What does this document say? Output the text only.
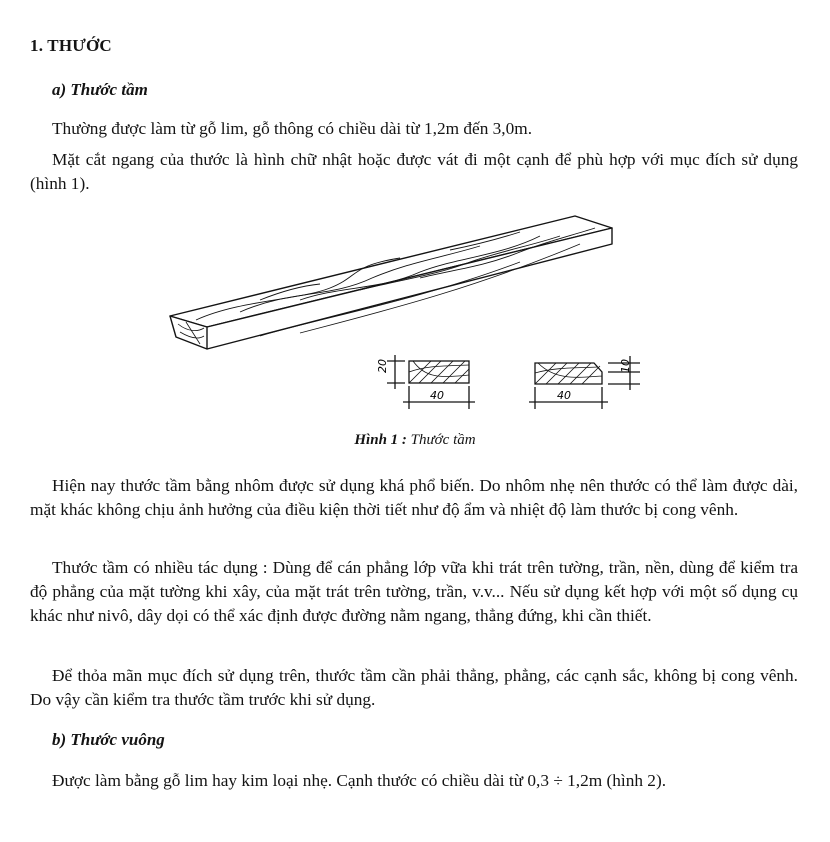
1. THƯỚC
a) Thước tầm
Thường được làm từ gỗ lim, gỗ thông có chiều dài từ 1,2m đến 3,0m.
Mặt cắt ngang của thước là hình chữ nhật hoặc được vát đi một cạnh để phù hợp với mục đích sử dụng (hình 1).
20
40
10
40
Hình 1 : Thước tầm
Hiện nay thước tầm bằng nhôm được sử dụng khá phổ biến. Do nhôm nhẹ nên thước có thể làm được dài, mặt khác không chịu ảnh hưởng của điều kiện thời tiết như độ ẩm và nhiệt độ làm thước bị cong vênh.
Thước tầm có nhiều tác dụng : Dùng để cán phẳng lớp vữa khi trát trên tường, trần, nền, dùng để kiểm tra độ phẳng của mặt tường khi xây, của mặt trát trên tường, trần, v.v... Nếu sử dụng kết hợp với một số dụng cụ khác như nivô, dây dọi có thể xác định được đường nằm ngang, thẳng đứng, khi cần thiết.
Để thỏa mãn mục đích sử dụng trên, thước tầm cần phải thẳng, phẳng, các cạnh sắc, không bị cong vênh. Do vậy cần kiểm tra thước tầm trước khi sử dụng.
b) Thước vuông
Được làm bằng gỗ lim hay kim loại nhẹ. Cạnh thước có chiều dài từ 0,3 ÷ 1,2m (hình 2).
